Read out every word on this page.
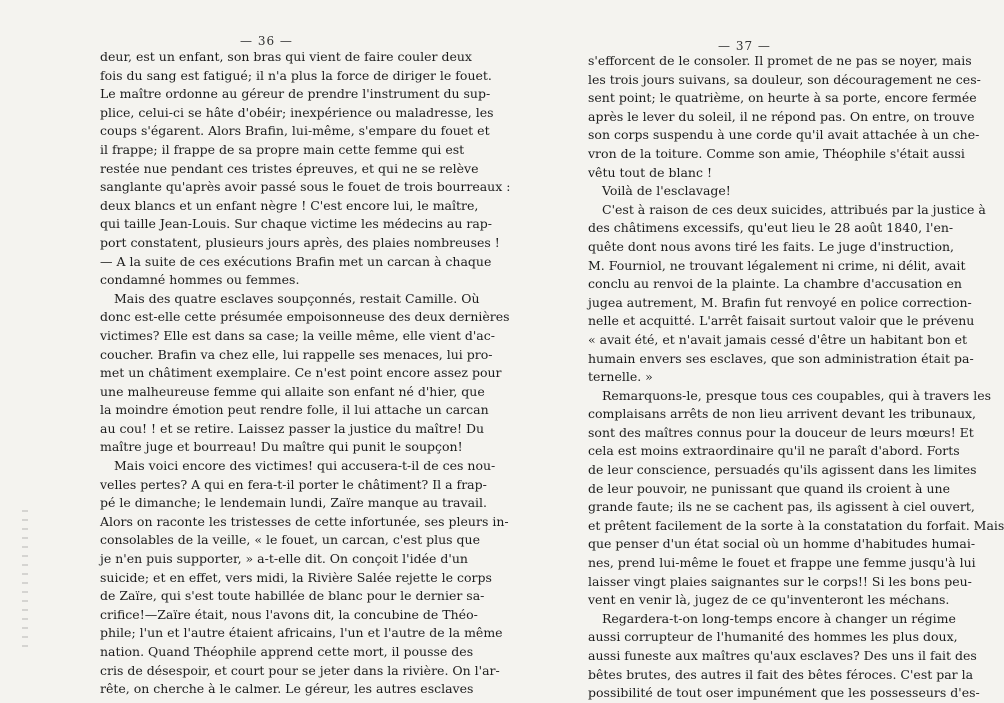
— 36 —
deur, est un enfant, son bras qui vient de faire couler deux
fois du sang est fatigué; il n'a plus la force de diriger le fouet.
Le maître ordonne au géreur de prendre l'instrument du sup-
plice, celui-ci se hâte d'obéir; inexpérience ou maladresse, les
coups s'égarent. Alors Brafin, lui-même, s'empare du fouet et
il frappe; il frappe de sa propre main cette femme qui est
restée nue pendant ces tristes épreuves, et qui ne se relève
sanglante qu'après avoir passé sous le fouet de trois bourreaux :
deux blancs et un enfant nègre ! C'est encore lui, le maître,
qui taille Jean-Louis. Sur chaque victime les médecins au rap-
port constatent, plusieurs jours après, des plaies nombreuses !
— A la suite de ces exécutions Brafin met un carcan à chaque
condamné hommes ou femmes.
Mais des quatre esclaves soupçonnés, restait Camille. Où
donc est-elle cette présumée empoisonneuse des deux dernières
victimes? Elle est dans sa case; la veille même, elle vient d'ac-
coucher. Brafin va chez elle, lui rappelle ses menaces, lui pro-
met un châtiment exemplaire. Ce n'est point encore assez pour
une malheureuse femme qui allaite son enfant né d'hier, que
la moindre émotion peut rendre folle, il lui attache un carcan
au cou! ! et se retire. Laissez passer la justice du maître! Du
maître juge et bourreau! Du maître qui punit le soupçon!
Mais voici encore des victimes! qui accusera-t-il de ces nou-
velles pertes? A qui en fera-t-il porter le châtiment? Il a frap-
pé le dimanche; le lendemain lundi, Zaïre manque au travail.
Alors on raconte les tristesses de cette infortunée, ses pleurs in-
consolables de la veille, « le fouet, un carcan, c'est plus que
je n'en puis supporter, » a-t-elle dit. On conçoit l'idée d'un
suicide; et en effet, vers midi, la Rivière Salée rejette le corps
de Zaïre, qui s'est toute habillée de blanc pour le dernier sa-
crifice!—Zaïre était, nous l'avons dit, la concubine de Théo-
phile; l'un et l'autre étaient africains, l'un et l'autre de la même
nation. Quand Théophile apprend cette mort, il pousse des
cris de désespoir, et court pour se jeter dans la rivière. On l'ar-
rête, on cherche à le calmer. Le géreur, les autres esclaves
— 37 —
s'efforcent de le consoler. Il promet de ne pas se noyer, mais
les trois jours suivans, sa douleur, son découragement ne ces-
sent point; le quatrième, on heurte à sa porte, encore fermée
après le lever du soleil, il ne répond pas. On entre, on trouve
son corps suspendu à une corde qu'il avait attachée à un che-
vron de la toiture. Comme son amie, Théophile s'était aussi
vêtu tout de blanc !
Voilà de l'esclavage!
C'est à raison de ces deux suicides, attribués par la justice à
des châtimens excessifs, qu'eut lieu le 28 août 1840, l'en-
quête dont nous avons tiré les faits. Le juge d'instruction,
M. Fourniol, ne trouvant légalement ni crime, ni délit, avait
conclu au renvoi de la plainte. La chambre d'accusation en
jugea autrement, M. Brafin fut renvoyé en police correction-
nelle et acquitté. L'arrêt faisait surtout valoir que le prévenu
« avait été, et n'avait jamais cessé d'être un habitant bon et
humain envers ses esclaves, que son administration était pa-
ternelle. »
Remarquons-le, presque tous ces coupables, qui à travers les
complaisans arrêts de non lieu arrivent devant les tribunaux,
sont des maîtres connus pour la douceur de leurs mœurs! Et
cela est moins extraordinaire qu'il ne paraît d'abord. Forts
de leur conscience, persuadés qu'ils agissent dans les limites
de leur pouvoir, ne punissant que quand ils croient à une
grande faute; ils ne se cachent pas, ils agissent à ciel ouvert,
et prêtent facilement de la sorte à la constatation du forfait. Mais
que penser d'un état social où un homme d'habitudes humai-
nes, prend lui-même le fouet et frappe une femme jusqu'à lui
laisser vingt plaies saignantes sur le corps!! Si les bons peu-
vent en venir là, jugez de ce qu'inventeront les méchans.
Regardera-t-on long-temps encore à changer un régime
aussi corrupteur de l'humanité des hommes les plus doux,
aussi funeste aux maîtres qu'aux esclaves? Des uns il fait des
bêtes brutes, des autres il fait des bêtes féroces. C'est par la
possibilité de tout oser impunément que les possesseurs d'es-
